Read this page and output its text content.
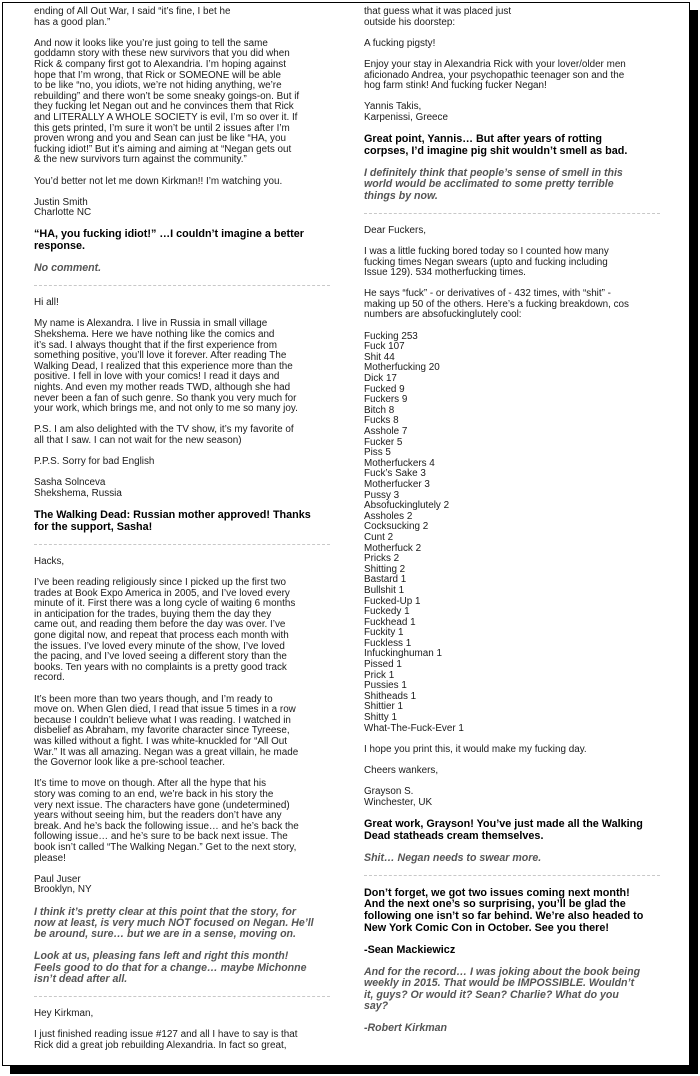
ending of All Out War, I said “it’s fine, I bet he
has a good plan.”

And now it looks like you’re just going to tell the same
goddamn story with these new survivors that you did when
Rick & company first got to Alexandria. I’m hoping against
hope that I’m wrong, that Rick or SOMEONE will be able
to be like “no, you idiots, we’re not hiding anything, we’re
rebuilding” and there won’t be some sneaky goings-on. But if
they fucking let Negan out and he convinces them that Rick
and LITERALLY A WHOLE SOCIETY is evil, I’m so over it. If
this gets printed, I’m sure it won’t be until 2 issues after I’m
proven wrong and you and Sean can just be like “HA, you
fucking idiot!” But it’s aiming and aiming at “Negan gets out
& the new survivors turn against the community.”

You’d better not let me down Kirkman!! I’m watching you.

Justin Smith
Charlotte NC

“HA, you fucking idiot!” …I couldn’t imagine a better
response.

No comment.

Hi all!

My name is Alexandra. I live in Russia in small village
Shekshema. Here we have nothing like the comics and
it’s sad. I always thought that if the first experience from
something positive, you’ll love it forever. After reading The
Walking Dead, I realized that this experience more than the
positive. I fell in love with your comics! I read it days and
nights. And even my mother reads TWD, although she had
never been a fan of such genre. So thank you very much for
your work, which brings me, and not only to me so many joy.

P.S. I am also delighted with the TV show, it’s my favorite of
all that I saw. I can not wait for the new season)

P.P.S. Sorry for bad English

Sasha Solnceva
Shekshema, Russia

The Walking Dead: Russian mother approved! Thanks
for the support, Sasha!

Hacks,

I’ve been reading religiously since I picked up the first two
trades at Book Expo America in 2005, and I’ve loved every
minute of it. First there was a long cycle of waiting 6 months
in anticipation for the trades, buying them the day they
came out, and reading them before the day was over. I’ve
gone digital now, and repeat that process each month with
the issues. I’ve loved every minute of the show, I’ve loved
the pacing, and I’ve loved seeing a different story than the
books. Ten years with no complaints is a pretty good track
record.

It’s been more than two years though, and I’m ready to
move on. When Glen died, I read that issue 5 times in a row
because I couldn’t believe what I was reading. I watched in
disbelief as Abraham, my favorite character since Tyreese,
was killed without a fight. I was white-knuckled for “All Out
War.” It was all amazing. Negan was a great villain, he made
the Governor look like a pre-school teacher.

It’s time to move on though. After all the hype that his
story was coming to an end, we’re back in his story the
very next issue. The characters have gone (undetermined)
years without seeing him, but the readers don’t have any
break. And he’s back the following issue… and he’s back the
following issue… and he’s sure to be back next issue. The
book isn’t called “The Walking Negan.” Get to the next story,
please!

Paul Juser
Brooklyn, NY

I think it’s pretty clear at this point that the story, for
now at least, is very much NOT focused on Negan. He’ll
be around, sure… but we are in a sense, moving on.

Look at us, pleasing fans left and right this month!
Feels good to do that for a change… maybe Michonne
isn’t dead after all.

Hey Kirkman,

I just finished reading issue #127 and all I have to say is that
Rick did a great job rebuilding Alexandria. In fact so great,

that guess what it was placed just
outside his doorstep:

A fucking pigsty!

Enjoy your stay in Alexandria Rick with your lover/older men
aficionado Andrea, your psychopathic teenager son and the
hog farm stink! And fucking fucker Negan!

Yannis Takis,
Karpenissi, Greece

Great point, Yannis… But after years of rotting
corpses, I’d imagine pig shit wouldn’t smell as bad.

I definitely think that people’s sense of smell in this
world would be acclimated to some pretty terrible
things by now.

Dear Fuckers,

I was a little fucking bored today so I counted how many
fucking times Negan swears (upto and fucking including
Issue 129). 534 motherfucking times.

He says “fuck” - or derivatives of - 432 times, with “shit” -
making up 50 of the others. Here’s a fucking breakdown, cos
numbers are absofuckinglutely cool:

Fucking 253
Fuck 107
Shit 44
Motherfucking 20
Dick 17
Fucked 9
Fuckers 9
Bitch 8
Fucks 8
Asshole 7
Fucker 5
Piss 5
Motherfuckers 4
Fuck’s Sake 3
Motherfucker 3
Pussy 3
Absofuckinglutely 2
Assholes 2
Cocksucking 2
Cunt 2
Motherfuck 2
Pricks 2
Shitting 2
Bastard 1
Bullshit 1
Fucked-Up 1
Fuckedy 1
Fuckhead 1
Fuckity 1
Fuckless 1
Infuckinghuman 1
Pissed 1
Prick 1
Pussies 1
Shitheads 1
Shittier 1
Shitty 1
What-The-Fuck-Ever 1

I hope you print this, it would make my fucking day.

Cheers wankers,

Grayson S.
Winchester, UK

Great work, Grayson! You’ve just made all the Walking
Dead statheads cream themselves.

Shit… Negan needs to swear more.

Don’t forget, we got two issues coming next month!
And the next one’s so surprising, you’ll be glad the
following one isn’t so far behind. We’re also headed to
New York Comic Con in October. See you there!

-Sean Mackiewicz

And for the record… I was joking about the book being
weekly in 2015. That would be IMPOSSIBLE. Wouldn’t
it, guys? Or would it? Sean? Charlie? What do you
say?

-Robert Kirkman
